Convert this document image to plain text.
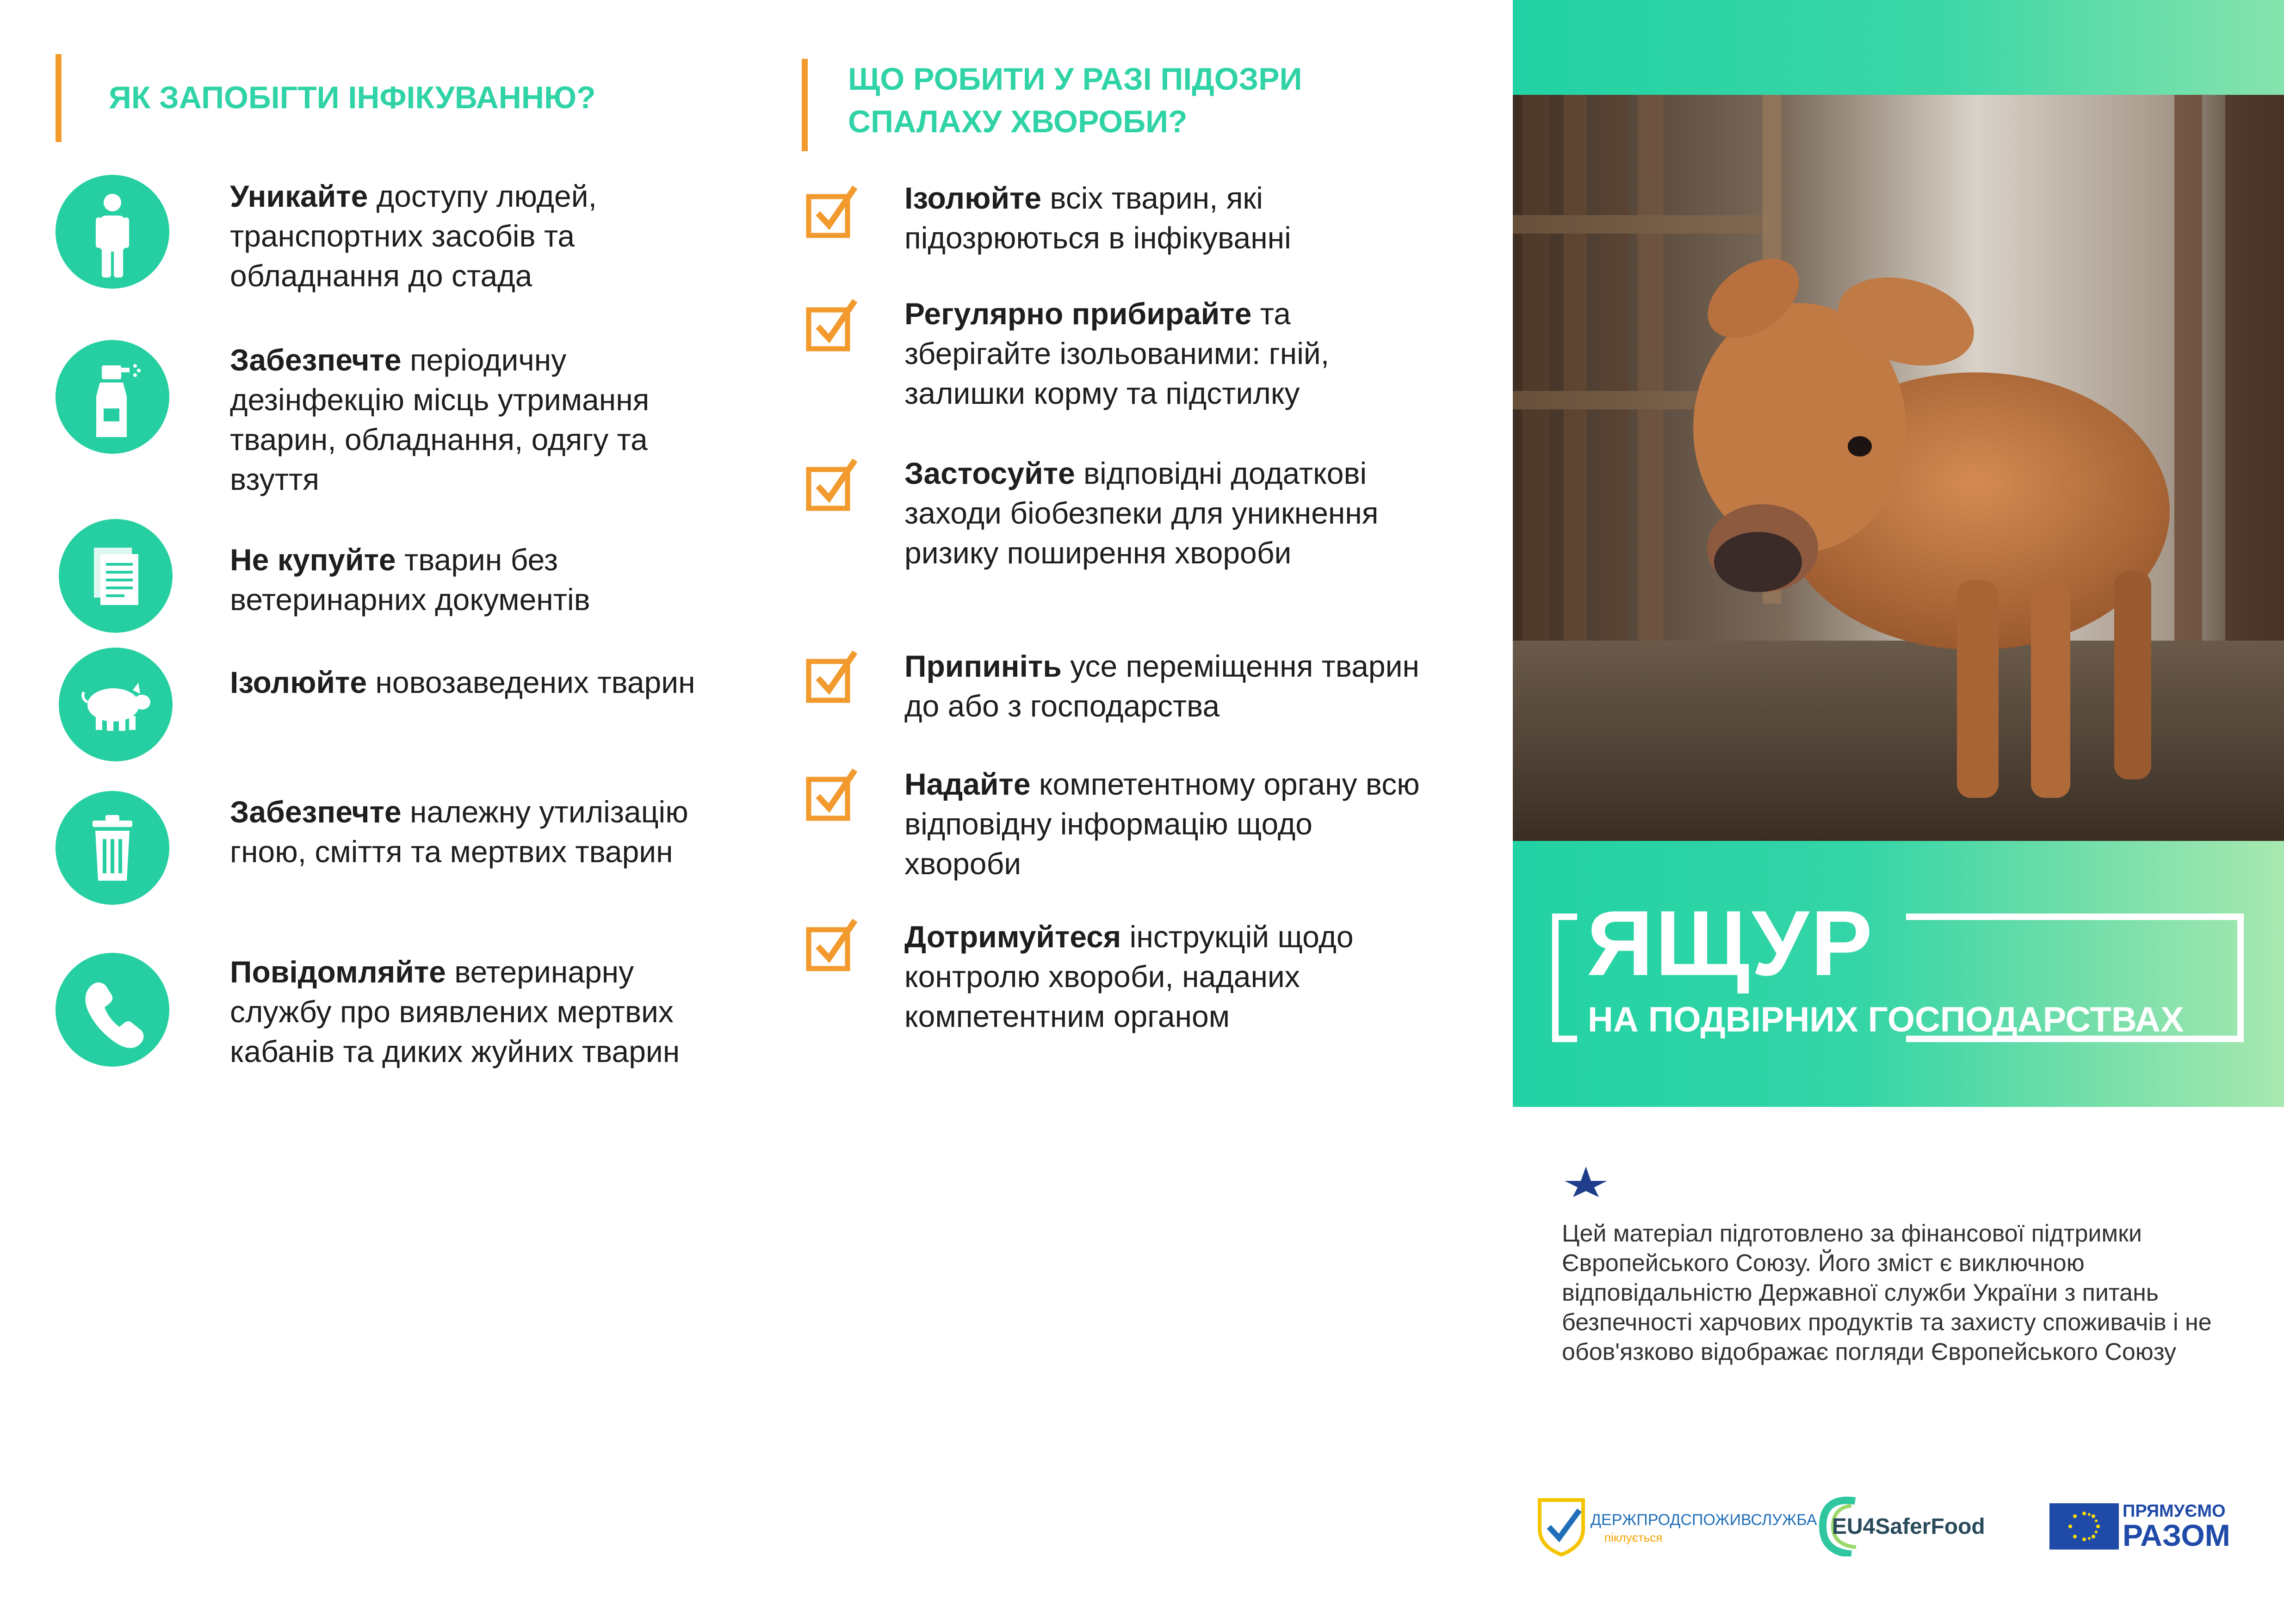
ЯК ЗАПОБІГТИ ІНФІКУВАННЮ?
Уникайте доступу людей, транспортних засобів та обладнання до стада
Забезпечте періодичну дезінфекцію місць утримання тварин, обладнання, одягу та взуття
Не купуйте тварин без ветеринарних документів
Ізолюйте новозаведених тварин
Забезпечте належну утилізацію гною, сміття та мертвих тварин
Повідомляйте ветеринарну службу про виявлених мертвих кабанів та диких жуйних тварин
ЩО РОБИТИ У РАЗІ ПІДОЗРИ
СПАЛАХУ ХВОРОБИ?
Ізолюйте всіх тварин, які підозрюються в інфікуванні
Регулярно прибирайте та зберігайте ізольованими: гній, залишки корму та підстилку
Застосуйте відповідні додаткові заходи біобезпеки для уникнення ризику поширення хвороби
Припиніть усе переміщення тварин до або з господарства
Надайте компетентному органу всю відповідну інформацію щодо хвороби
Дотримуйтеся інструкцій щодо контролю хвороби, наданих компетентним органом
ЯЩУР
НА ПОДВІРНИХ ГОСПОДАРСТВАХ
Цей матеріал підготовлено за фінансової підтримки Європейського Союзу. Його зміст є виключною відповідальністю Державної служби України з питань безпечності харчових продуктів та захисту споживачів і не обов'язково відображає погляди Європейського Союзу
ДЕРЖПРОДСПОЖИВСЛУЖБА
піклується	EU4SaferFood
ПРЯМУЄМО
РАЗОМ
